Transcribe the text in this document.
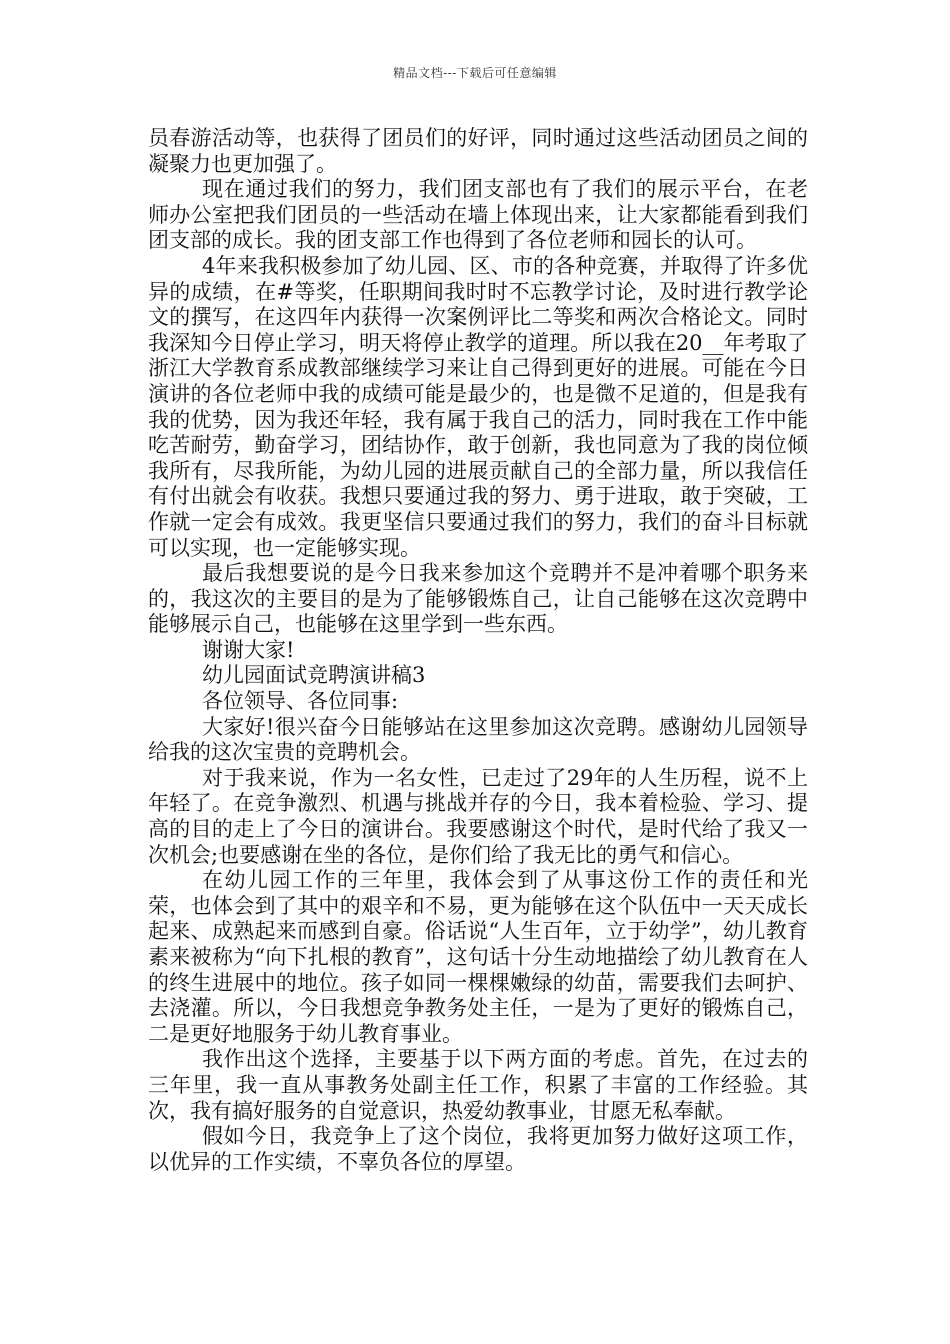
精品文档---下载后可任意编辑

员春游活动等，也获得了团员们的好评，同时通过这些活动团员之间的凝聚力也更加强了。

现在通过我们的努力，我们团支部也有了我们的展示平台，在老师办公室把我们团员的一些活动在墙上体现出来，让大家都能看到我们团支部的成长。我的团支部工作也得到了各位老师和园长的认可。

4年来我积极参加了幼儿园、区、市的各种竞赛，并取得了许多优异的成绩，在#等奖，任职期间我时时不忘教学讨论，及时进行教学论文的撰写，在这四年内获得一次案例评比二等奖和两次合格论文。同时我深知今日停止学习，明天将停止教学的道理。所以我在20__年考取了浙江大学教育系成教部继续学习来让自己得到更好的进展。可能在今日演讲的各位老师中我的成绩可能是最少的，也是微不足道的，但是我有我的优势，因为我还年轻，我有属于我自己的活力，同时我在工作中能吃苦耐劳，勤奋学习，团结协作，敢于创新，我也同意为了我的岗位倾我所有，尽我所能，为幼儿园的进展贡献自己的全部力量，所以我信任有付出就会有收获。我想只要通过我的努力、勇于进取，敢于突破，工作就一定会有成效。我更坚信只要通过我们的努力，我们的奋斗目标就可以实现，也一定能够实现。

最后我想要说的是今日我来参加这个竞聘并不是冲着哪个职务来的，我这次的主要目的是为了能够锻炼自己，让自己能够在这次竞聘中能够展示自己，也能够在这里学到一些东西。

谢谢大家!

幼儿园面试竞聘演讲稿3

各位领导、各位同事:

大家好!很兴奋今日能够站在这里参加这次竞聘。感谢幼儿园领导给我的这次宝贵的竞聘机会。

对于我来说，作为一名女性，已走过了29年的人生历程，说不上年轻了。在竞争激烈、机遇与挑战并存的今日，我本着检验、学习、提高的目的走上了今日的演讲台。我要感谢这个时代，是时代给了我又一次机会;也要感谢在坐的各位，是你们给了我无比的勇气和信心。

在幼儿园工作的三年里，我体会到了从事这份工作的责任和光荣，也体会到了其中的艰辛和不易，更为能够在这个队伍中一天天成长起来、成熟起来而感到自豪。俗话说“人生百年，立于幼学”，幼儿教育素来被称为“向下扎根的教育”，这句话十分生动地描绘了幼儿教育在人的终生进展中的地位。孩子如同一棵棵嫩绿的幼苗，需要我们去呵护、去浇灌。所以，今日我想竞争教务处主任，一是为了更好的锻炼自己，二是更好地服务于幼儿教育事业。

我作出这个选择，主要基于以下两方面的考虑。首先，在过去的三年里，我一直从事教务处副主任工作，积累了丰富的工作经验。其次，我有搞好服务的自觉意识，热爱幼教事业，甘愿无私奉献。

假如今日，我竞争上了这个岗位，我将更加努力做好这项工作，以优异的工作实绩，不辜负各位的厚望。
